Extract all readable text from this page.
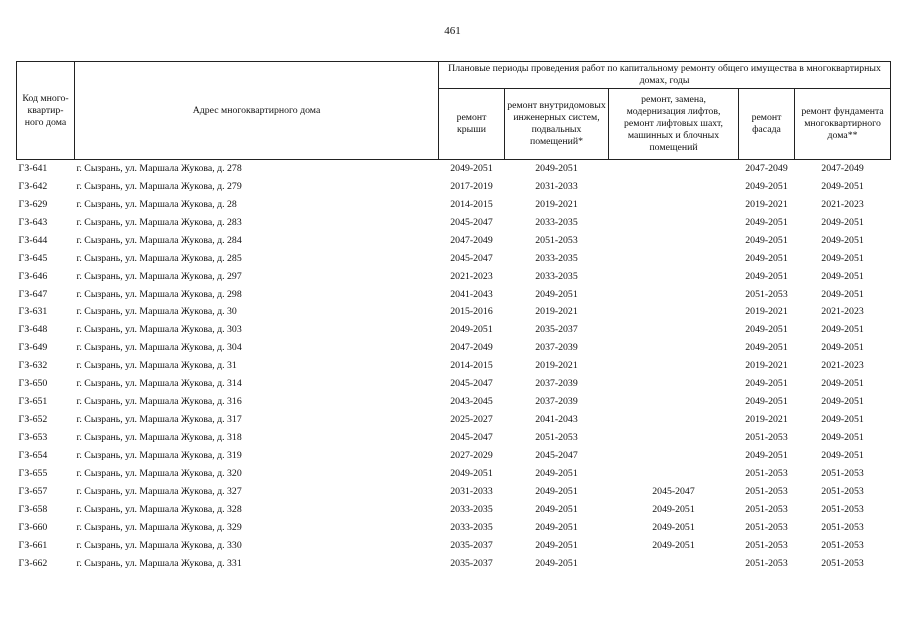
461
Код много-квартир-ного дома	Адрес многоквартирного дома	Плановые периоды проведения работ по капитальному ремонту общего имущества в многоквартирных домах, годы				
		ремонт крыши	ремонт внутридомовых инженерных систем, подвальных помещений*	ремонт, замена, модернизация лифтов, ремонт лифтовых шахт, машинных и блочных помещений	ремонт фасада	ремонт фундамента многоквартирного дома**
ГЗ-641	г. Сызрань, ул. Маршала Жукова, д. 278	2049-2051	2049-2051		2047-2049	2047-2049
ГЗ-642	г. Сызрань, ул. Маршала Жукова, д. 279	2017-2019	2031-2033		2049-2051	2049-2051
ГЗ-629	г. Сызрань, ул. Маршала Жукова, д. 28	2014-2015	2019-2021		2019-2021	2021-2023
ГЗ-643	г. Сызрань, ул. Маршала Жукова, д. 283	2045-2047	2033-2035		2049-2051	2049-2051
ГЗ-644	г. Сызрань, ул. Маршала Жукова, д. 284	2047-2049	2051-2053		2049-2051	2049-2051
ГЗ-645	г. Сызрань, ул. Маршала Жукова, д. 285	2045-2047	2033-2035		2049-2051	2049-2051
ГЗ-646	г. Сызрань, ул. Маршала Жукова, д. 297	2021-2023	2033-2035		2049-2051	2049-2051
ГЗ-647	г. Сызрань, ул. Маршала Жукова, д. 298	2041-2043	2049-2051		2051-2053	2049-2051
ГЗ-631	г. Сызрань, ул. Маршала Жукова, д. 30	2015-2016	2019-2021		2019-2021	2021-2023
ГЗ-648	г. Сызрань, ул. Маршала Жукова, д. 303	2049-2051	2035-2037		2049-2051	2049-2051
ГЗ-649	г. Сызрань, ул. Маршала Жукова, д. 304	2047-2049	2037-2039		2049-2051	2049-2051
ГЗ-632	г. Сызрань, ул. Маршала Жукова, д. 31	2014-2015	2019-2021		2019-2021	2021-2023
ГЗ-650	г. Сызрань, ул. Маршала Жукова, д. 314	2045-2047	2037-2039		2049-2051	2049-2051
ГЗ-651	г. Сызрань, ул. Маршала Жукова, д. 316	2043-2045	2037-2039		2049-2051	2049-2051
ГЗ-652	г. Сызрань, ул. Маршала Жукова, д. 317	2025-2027	2041-2043		2019-2021	2049-2051
ГЗ-653	г. Сызрань, ул. Маршала Жукова, д. 318	2045-2047	2051-2053		2051-2053	2049-2051
ГЗ-654	г. Сызрань, ул. Маршала Жукова, д. 319	2027-2029	2045-2047		2049-2051	2049-2051
ГЗ-655	г. Сызрань, ул. Маршала Жукова, д. 320	2049-2051	2049-2051		2051-2053	2051-2053
ГЗ-657	г. Сызрань, ул. Маршала Жукова, д. 327	2031-2033	2049-2051	2045-2047	2051-2053	2051-2053
ГЗ-658	г. Сызрань, ул. Маршала Жукова, д. 328	2033-2035	2049-2051	2049-2051	2051-2053	2051-2053
ГЗ-660	г. Сызрань, ул. Маршала Жукова, д. 329	2033-2035	2049-2051	2049-2051	2051-2053	2051-2053
ГЗ-661	г. Сызрань, ул. Маршала Жукова, д. 330	2035-2037	2049-2051	2049-2051	2051-2053	2051-2053
ГЗ-662	г. Сызрань, ул. Маршала Жукова, д. 331	2035-2037	2049-2051		2051-2053	2051-2053
